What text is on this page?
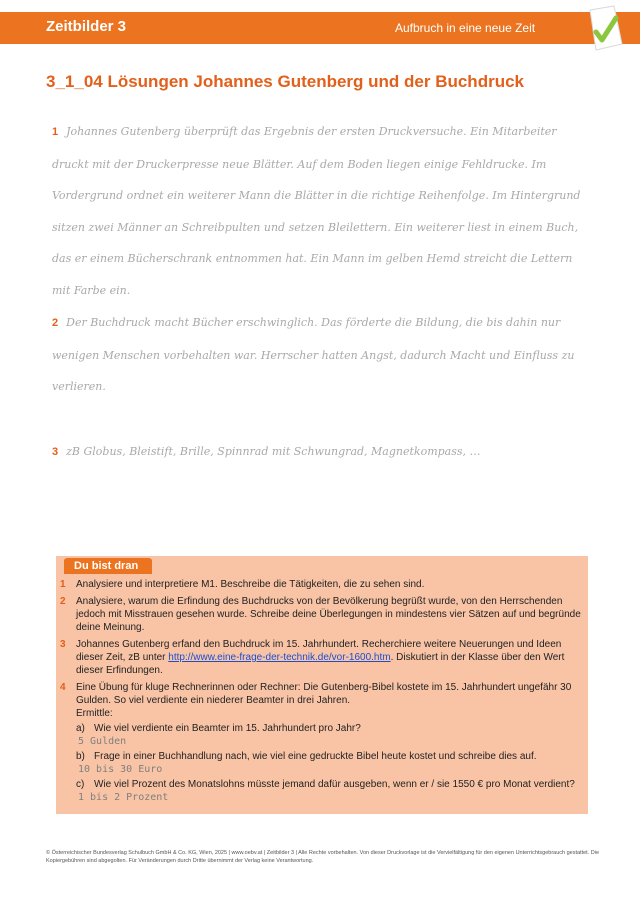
Zeitbilder 3	Aufbruch in eine neue Zeit
3_1_04 Lösungen Johannes Gutenberg und der Buchdruck
1 Johannes Gutenberg überprüft das Ergebnis der ersten Druckversuche. Ein Mitarbeiter druckt mit der Druckerpresse neue Blätter. Auf dem Boden liegen einige Fehldrucke. Im Vordergrund ordnet ein weiterer Mann die Blätter in die richtige Reihenfolge. Im Hintergrund sitzen zwei Männer an Schreibpulten und setzen Bleilettern. Ein weiterer liest in einem Buch, das er einem Bücherschrank entnommen hat. Ein Mann im gelben Hemd streicht die Lettern mit Farbe ein.
2 Der Buchdruck macht Bücher erschwinglich. Das förderte die Bildung, die bis dahin nur wenigen Menschen vorbehalten war. Herrscher hatten Angst, dadurch Macht und Einfluss zu verlieren.
3 zB Globus, Bleistift, Brille, Spinnrad mit Schwungrad, Magnetkompass, …
Du bist dran
1 Analysiere und interpretiere M1. Beschreibe die Tätigkeiten, die zu sehen sind.
2 Analysiere, warum die Erfindung des Buchdrucks von der Bevölkerung begrüßt wurde, von den Herrschenden jedoch mit Misstrauen gesehen wurde. Schreibe deine Überlegungen in mindestens vier Sätzen auf und begründe deine Meinung.
3 Johannes Gutenberg erfand den Buchdruck im 15. Jahrhundert. Recherchiere weitere Neuerungen und Ideen dieser Zeit, zB unter http://www.eine-frage-der-technik.de/vor-1600.htm. Diskutiert in der Klasse über den Wert dieser Erfindungen.
4 Eine Übung für kluge Rechnerinnen oder Rechner: Die Gutenberg-Bibel kostete im 15. Jahrhundert ungefähr 30 Gulden. So viel verdiente ein niederer Beamter in drei Jahren.
Ermittle:
a) Wie viel verdiente ein Beamter im 15. Jahrhundert pro Jahr?
5 Gulden
b) Frage in einer Buchhandlung nach, wie viel eine gedruckte Bibel heute kostet und schreibe dies auf.
10 bis 30 Euro
c) Wie viel Prozent des Monatslohns müsste jemand dafür ausgeben, wenn er / sie 1550 € pro Monat verdient?
1 bis 2 Prozent
© Österreichischer Bundesverlag Schulbuch GmbH & Co. KG, Wien, 2025 | www.oebv.at | Zeitbilder 3 | Alle Rechte vorbehalten. Von dieser Druckvorlage ist die Vervielfältigung für den eigenen Unterrichtsgebrauch gestattet. Die Kopiergebühren sind abgegolten. Für Veränderungen durch Dritte übernimmt der Verlag keine Verantwortung.
